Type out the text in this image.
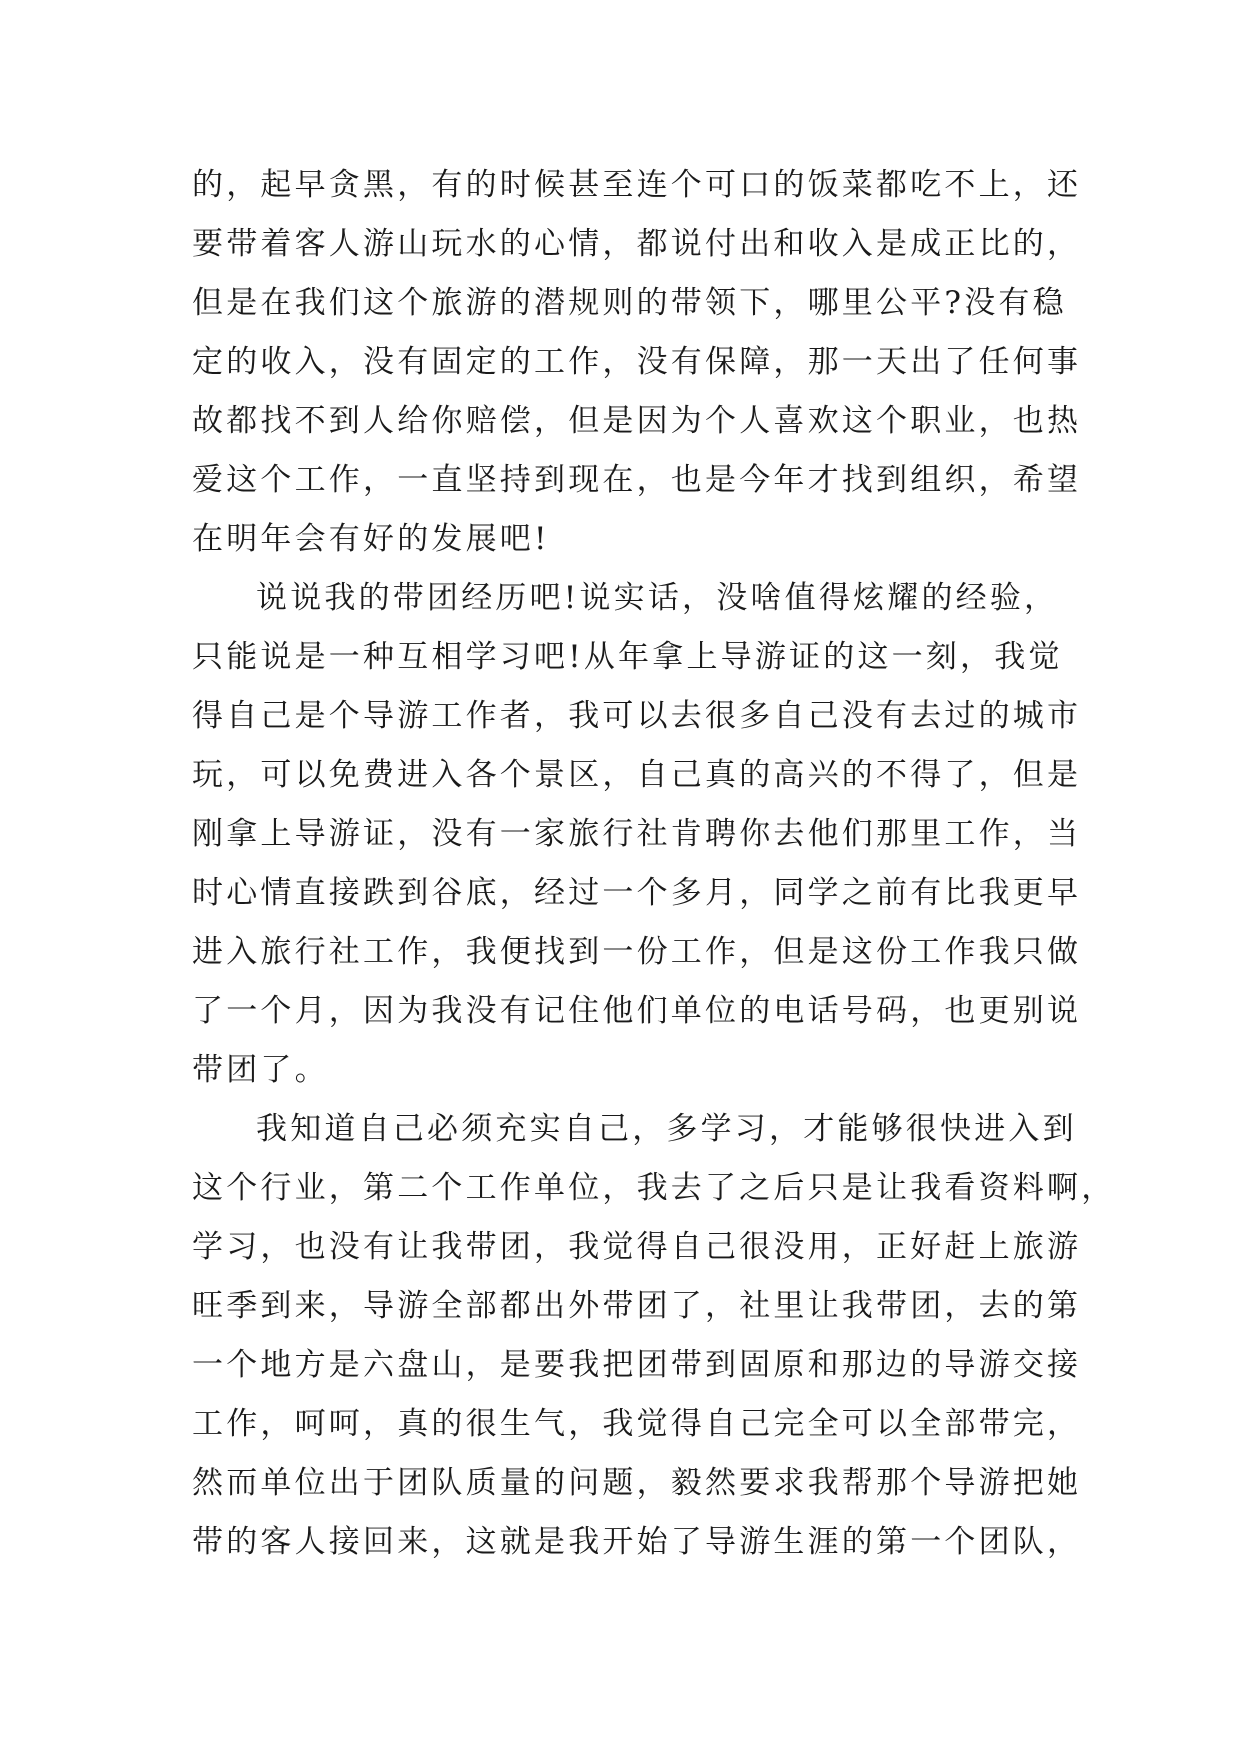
的，起早贪黑，有的时候甚至连个可口的饭菜都吃不上，还
要带着客人游山玩水的心情，都说付出和收入是成正比的，
但是在我们这个旅游的潜规则的带领下，哪里公平?没有稳
定的收入，没有固定的工作，没有保障，那一天出了任何事
故都找不到人给你赔偿，但是因为个人喜欢这个职业，也热
爱这个工作，一直坚持到现在，也是今年才找到组织，希望
在明年会有好的发展吧!
说说我的带团经历吧!说实话，没啥值得炫耀的经验，
只能说是一种互相学习吧!从年拿上导游证的这一刻，我觉
得自己是个导游工作者，我可以去很多自己没有去过的城市
玩，可以免费进入各个景区，自己真的高兴的不得了，但是
刚拿上导游证，没有一家旅行社肯聘你去他们那里工作，当
时心情直接跌到谷底，经过一个多月，同学之前有比我更早
进入旅行社工作，我便找到一份工作，但是这份工作我只做
了一个月，因为我没有记住他们单位的电话号码，也更别说
带团了。
我知道自己必须充实自己，多学习，才能够很快进入到
这个行业，第二个工作单位，我去了之后只是让我看资料啊，
学习，也没有让我带团，我觉得自己很没用，正好赶上旅游
旺季到来，导游全部都出外带团了，社里让我带团，去的第
一个地方是六盘山，是要我把团带到固原和那边的导游交接
工作，呵呵，真的很生气，我觉得自己完全可以全部带完，
然而单位出于团队质量的问题，毅然要求我帮那个导游把她
带的客人接回来，这就是我开始了导游生涯的第一个团队，
